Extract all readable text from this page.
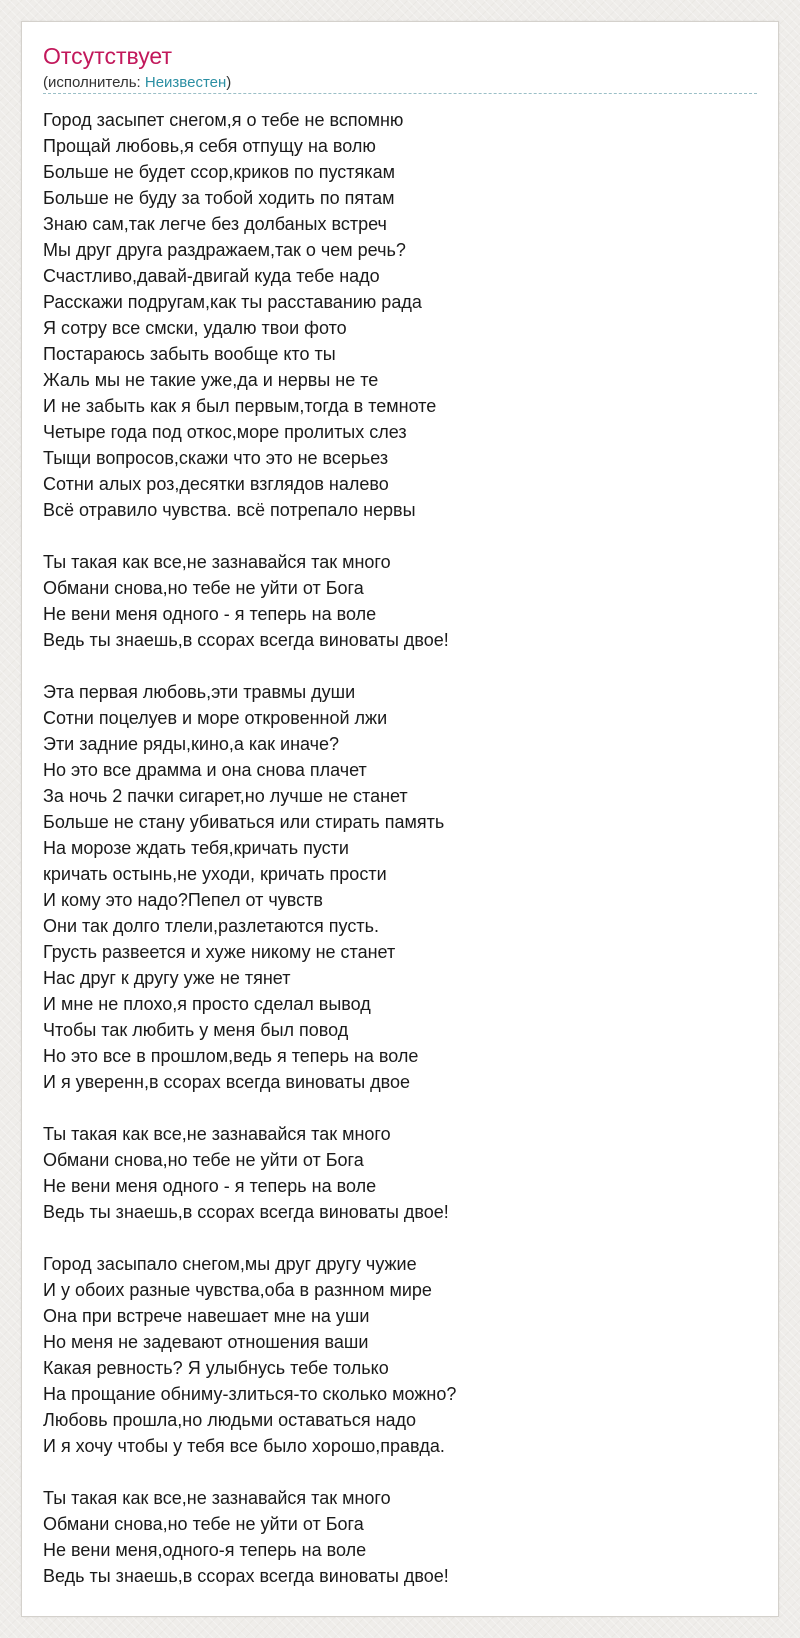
Отсутствует
(исполнитель: Неизвестен)
Город засыпет снегом,я о тебе не вспомню
Прощай любовь,я себя отпущу на волю
Больше не будет ссор,криков по пустякам
Больше не буду за тобой ходить по пятам
Знаю сам,так легче без долбаных встреч
Мы друг друга раздражаем,так о чем речь?
Счастливо,давай-двигай куда тебе надо
Расскажи подругам,как ты расставанию рада
Я сотру все смски, удалю твои фото
Постараюсь забыть вообще кто ты
Жаль мы не такие уже,да и нервы не те
И не забыть как я был первым,тогда в темноте
Четыре года под откос,море пролитых слез
Тыщи вопросов,скажи что это не всерьез
Сотни алых роз,десятки взглядов налево
Всё отравило чувства. всё потрепало нервы
Ты такая как все,не зазнавайся так много
Обмани снова,но тебе не уйти от Бога
Не вени меня одного - я теперь на воле
Ведь ты знаешь,в ссорах всегда виноваты двое!
Эта первая любовь,эти травмы души
Сотни поцелуев и море откровенной лжи
Эти задние ряды,кино,а как иначе?
Но это все драмма и она снова плачет
За ночь 2 пачки сигарет,но лучше не станет
Больше не стану убиваться или стирать память
На морозе ждать тебя,кричать пусти
кричать остынь,не уходи, кричать прости
И кому это надо?Пепел от чувств
Они так долго тлели,разлетаются пусть.
Грусть развеется и хуже никому не станет
Нас друг к другу уже не тянет
И мне не плохо,я просто сделал вывод
Чтобы так любить у меня был повод
Но это все в прошлом,ведь я теперь на воле
И я уверенн,в ссорах всегда виноваты двое
Ты такая как все,не зазнавайся так много
Обмани снова,но тебе не уйти от Бога
Не вени меня одного - я теперь на воле
Ведь ты знаешь,в ссорах всегда виноваты двое!
Город засыпало снегом,мы друг другу чужие
И у обоих разные чувства,оба в разнном мире
Она при встрече навешает мне на уши
Но меня не задевают отношения ваши
Какая ревность? Я улыбнусь тебе только
На прощание обниму-злиться-то сколько можно?
Любовь прошла,но людьми оставаться надо
И я хочу чтобы у тебя все было хорошо,правда.
Ты такая как все,не зазнавайся так много
Обмани снова,но тебе не уйти от Бога
Не вени меня,одного-я теперь на воле
Ведь ты знаешь,в ссорах всегда виноваты двое!
